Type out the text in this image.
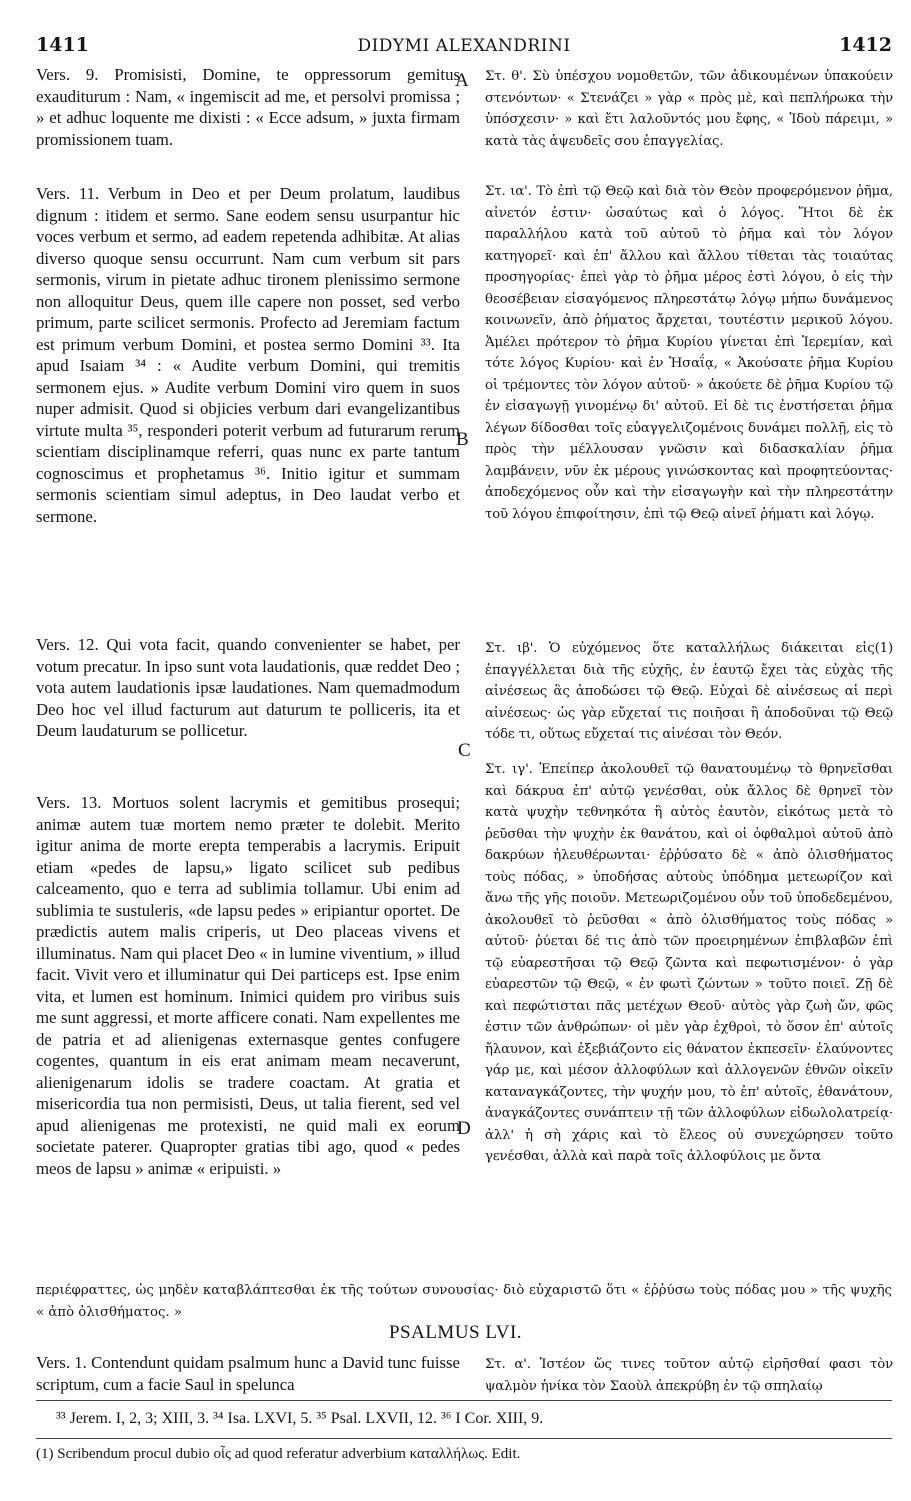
1411	DIDYMI ALEXANDRINI	1412

Vers. 9. Promisisti, Domine, te oppressorum gemitus exauditurum : Nam, « ingemiscit ad me, et persolvi promissa ; » et adhuc loquente me dixisti : « Ecce adsum, » juxta firmam promissionem tuam.

Vers. 11. Verbum in Deo et per Deum prolatum, laudibus dignum : itidem et sermo. Sane eodem sensu usurpantur hic voces verbum et sermo, ad eadem repetenda adhibitæ. At alias diverso quoque sensu occurrunt. Nam cum verbum sit pars sermonis, virum in pietate adhuc tironem plenissimo sermone non alloquitur Deus, quem ille capere non posset, sed verbo primum, parte scilicet sermonis. Profecto ad Jeremiam factum est primum verbum Domini, et postea sermo Domini ³³. Ita apud Isaiam ³⁴ : « Audite verbum Domini, qui tremitis sermonem ejus. » Audite verbum Domini viro quem in suos nuper admisit. Quod si objicies verbum dari evangelizantibus virtute multa ³⁵, responderi poterit verbum ad futurarum rerum scientiam disciplinamque referri, quas nunc ex parte tantum cognoscimus et prophetamus ³⁶. Initio igitur et summam sermonis scientiam simul adeptus, in Deo laudat verbo et sermone.

Vers. 12. Qui vota facit, quando convenienter se habet, per votum precatur. In ipso sunt vota laudationis, quæ reddet Deo ; vota autem laudationis ipsæ laudationes. Nam quemadmodum Deo hoc vel illud facturum aut daturum te polliceris, ita et Deum laudaturum se pollicetur.

Vers. 13. Mortuos solent lacrymis et gemitibus prosequi; animæ autem tuæ mortem nemo præter te dolebit. Merito igitur anima de morte erepta temperabis a lacrymis. Eripuit etiam «pedes de lapsu,» ligato scilicet sub pedibus calceamento, quo e terra ad sublimia tollamur. Ubi enim ad sublimia te sustuleris, «de lapsu pedes » eripiantur oportet. De prædictis autem malis criperis, ut Deo placeas vivens et illuminatus. Nam qui placet Deo « in lumine viventium, » illud facit. Vivit vero et illuminatur qui Dei particeps est. Ipse enim vita, et lumen est hominum. Inimici quidem pro viribus suis me sunt aggressi, et morte afficere conati. Nam expellentes me de patria et ad alienigenas externasque gentes confugere cogentes, quantum in eis erat animam meam necaverunt, alienigenarum idolis se tradere coactam. At gratia et misericordia tua non permisisti, Deus, ut talia fierent, sed vel apud alienigenas me protexisti, ne quid mali ex eorum societate paterer. Quapropter gratias tibi ago, quod « pedes meos de lapsu » animæ « eripuisti. »

Στ. θ'. Σὺ ὑπέσχου νομοθετῶν, τῶν ἀδικουμένων ὑπακούειν στενόντων· « Στενάζει » γὰρ « πρὸς μὲ, καὶ πεπλήρωκα τὴν ὑπόσχεσιν· » καὶ ἔτι λαλοῦντός μου ἔφης, « Ἰδοὺ πάρειμι, » κατὰ τὰς ἀψευδεῖς σου ἐπαγγελίας.

Στ. ια'. Τὸ ἐπὶ τῷ Θεῷ καὶ διὰ τὸν Θεὸν προφερόμενον ῥῆμα, αἰνετόν ἐστιν· ὡσαύτως καὶ ὁ λόγος. Ἤτοι δὲ ἐκ παραλλήλου κατὰ τοῦ αὐτοῦ τὸ ῥῆμα καὶ τὸν λόγον κατηγορεῖ· καὶ ἐπ' ἄλλου καὶ ἄλλου τίθεται τὰς τοιαύτας προσηγορίας· ἐπεὶ γὰρ τὸ ῥῆμα μέρος ἐστὶ λόγου, ὁ εἰς τὴν θεοσέβειαν εἰσαγόμενος πληρεστάτῳ λόγῳ μήπω δυνάμενος κοινωνεῖν, ἀπὸ ῥήματος ἄρχεται, τουτέστιν μερικοῦ λόγου. Ἀμέλει πρότερον τὸ ῥῆμα Κυρίου γίνεται ἐπὶ Ἱερεμίαν, καὶ τότε λόγος Κυρίου· καὶ ἐν Ἡσαΐᾳ, « Ἀκούσατε ῥῆμα Κυρίου οἱ τρέμοντες τὸν λόγον αὐτοῦ· » ἀκούετε δὲ ῥῆμα Κυρίου τῷ ἐν εἰσαγωγῇ γινομένῳ δι' αὐτοῦ. Εἰ δὲ τις ἐνστήσεται ῥῆμα λέγων δίδοσθαι τοῖς εὐαγγελιζομένοις δυνάμει πολλῇ, εἰς τὸ πρὸς τὴν μέλλουσαν γνῶσιν καὶ διδασκαλίαν ῥῆμα λαμβάνειν, νῦν ἐκ μέρους γινώσκοντας καὶ προφητεύοντας· ἀποδεχόμενος οὖν καὶ τὴν εἰσαγωγὴν καὶ τὴν πληρεστάτην τοῦ λόγου ἐπιφοίτησιν, ἐπὶ τῷ Θεῷ αἰνεῖ ῥήματι καὶ λόγῳ.

Στ. ιβ'. Ὁ εὐχόμενος ὅτε καταλλήλως διάκειται εἰς(1) ἐπαγγέλλεται διὰ τῆς εὐχῆς, ἐν ἑαυτῷ ἔχει τὰς εὐχὰς τῆς αἰνέσεως ἃς ἀποδώσει τῷ Θεῷ. Εὐχαὶ δὲ αἰνέσεως αἱ περὶ αἰνέσεως· ὡς γὰρ εὔχεταί τις ποιῆσαι ἢ ἀποδοῦναι τῷ Θεῷ τόδε τι, οὕτως εὔχεταί τις αἰνέσαι τὸν Θεόν.

Στ. ιγ'. Ἐπείπερ ἀκολουθεῖ τῷ θανατουμένῳ τὸ θρηνεῖσθαι καὶ δάκρυα ἐπ' αὐτῷ γενέσθαι, οὐκ ἄλλος δὲ θρηνεῖ τὸν κατὰ ψυχὴν τεθνηκότα ἢ αὐτὸς ἑαυτὸν, εἰκότως μετὰ τὸ ῥεῦσθαι τὴν ψυχὴν ἐκ θανάτου, καὶ οἱ ὀφθαλμοὶ αὐτοῦ ἀπὸ δακρύων ἠλευθέρωνται· ἐῤῥύσατο δὲ « ἀπὸ ὀλισθήματος τοὺς πόδας, » ὑποδήσας αὐτοὺς ὑπόδημα μετεωρίζον καὶ ἄνω τῆς γῆς ποιοῦν. Μετεωριζομένου οὖν τοῦ ὑποδεδεμένου, ἀκολουθεῖ τὸ ῥεῦσθαι « ἀπὸ ὀλισθήματος τοὺς πόδας » αὐτοῦ· ῥύεται δέ τις ἀπὸ τῶν προειρημένων ἐπιβλαβῶν ἐπὶ τῷ εὐαρεστῆσαι τῷ Θεῷ ζῶντα καὶ πεφωτισμένον· ὁ γὰρ εὐαρεστῶν τῷ Θεῷ, « ἐν φωτὶ ζώντων » τοῦτο ποιεῖ. Ζῇ δὲ καὶ πεφώτισται πᾶς μετέχων Θεοῦ· αὐτὸς γὰρ ζωὴ ὤν, φῶς ἐστιν τῶν ἀνθρώπων· οἱ μὲν γὰρ ἐχθροὶ, τὸ ὅσον ἐπ' αὐτοῖς ἤλαυνον, καὶ ἐξεβιάζοντο εἰς θάνατον ἐκπεσεῖν· ἐλαύνοντες γάρ με, καὶ μέσον ἀλλοφύλων καὶ ἀλλογενῶν ἐθνῶν οἰκεῖν καταναγκάζοντες, τὴν ψυχήν μου, τὸ ἐπ' αὐτοῖς, ἐθανάτουν, ἀναγκάζοντες συνάπτειν τῇ τῶν ἀλλοφύλων εἰδωλολατρείᾳ· ἀλλ' ἡ σὴ χάρις καὶ τὸ ἔλεος οὐ συνεχώρησεν τοῦτο γενέσθαι, ἀλλὰ καὶ παρὰ τοῖς ἀλλοφύλοις με ὄντα

A
B
C
D

περιέφραττες, ὡς μηδὲν καταβλάπτεσθαι ἐκ τῆς τούτων συνουσίας· διὸ εὐχαριστῶ ὅτι « ἐῤῥύσω τοὺς πόδας μου » τῆς ψυχῆς « ἀπὸ ὀλισθήματος. »

PSALMUS LVI.

Vers. 1. Contendunt quidam psalmum hunc a David tunc fuisse scriptum, cum a facie Saul in spelunca

Στ. α'. Ἰστέον ὥς τινες τοῦτον αὐτῷ εἰρῆσθαί φασι τὸν ψαλμὸν ἡνίκα τὸν Σαοὺλ ἀπεκρύβη ἐν τῷ σπηλαίῳ

³³ Jerem. I, 2, 3; XIII, 3. ³⁴ Isa. LXVI, 5. ³⁵ Psal. LXVII, 12. ³⁶ I Cor. XIII, 9.
(1) Scribendum procul dubio οἷς ad quod referatur adverbium καταλλήλως. Edit.
